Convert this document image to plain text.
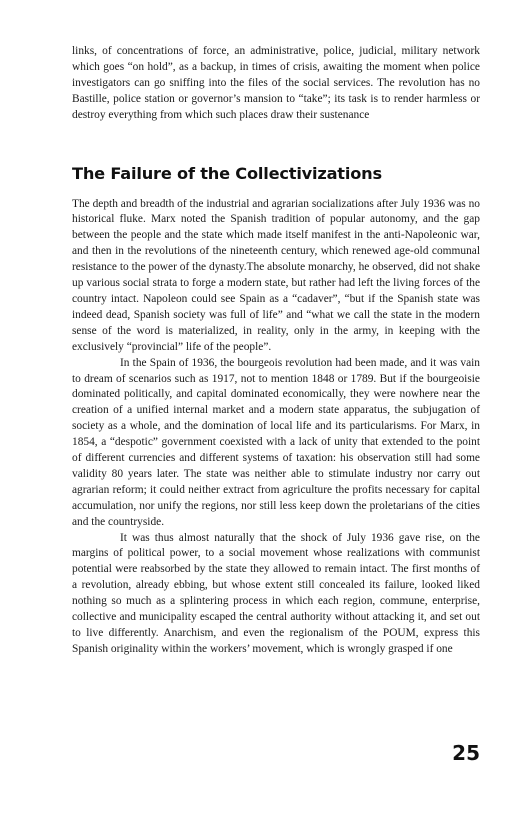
links, of concentrations of force, an administrative, police, judicial, military network which goes “on hold”, as a backup, in times of crisis, awaiting the moment when police investigators can go sniffing into the files of the social services. The revolution has no Bastille, police station or governor’s mansion to “take”; its task is to render harmless or destroy everything from which such places draw their sustenance

The Failure of the Collectivizations

The depth and breadth of the industrial and agrarian socializations after July 1936 was no historical fluke. Marx noted the Spanish tradition of popular autonomy, and the gap between the people and the state which made itself manifest in the anti-Napoleonic war, and then in the revolutions of the nineteenth century, which renewed age-old communal resistance to the power of the dynasty.The absolute monarchy, he observed, did not shake up various social strata to forge a modern state, but rather had left the living forces of the country intact. Napoleon could see Spain as a “cadaver”, “but if the Spanish state was indeed dead, Spanish society was full of life” and “what we call the state in the modern sense of the word is materialized, in reality, only in the army, in keeping with the exclusively “provincial” life of the people”.

In the Spain of 1936, the bourgeois revolution had been made, and it was vain to dream of scenarios such as 1917, not to mention 1848 or 1789. But if the bourgeoisie dominated politically, and capital dominated economically, they were nowhere near the creation of a unified internal market and a modern state apparatus, the subjugation of society as a whole, and the domination of local life and its particularisms. For Marx, in 1854, a “despotic” government coexisted with a lack of unity that extended to the point of different currencies and different systems of taxation: his observation still had some validity 80 years later. The state was neither able to stimulate industry nor carry out agrarian reform; it could neither extract from agriculture the profits necessary for capital accumulation, nor unify the regions, nor still less keep down the proletarians of the cities and the countryside.

It was thus almost naturally that the shock of July 1936 gave rise, on the margins of political power, to a social movement whose realizations with communist potential were reabsorbed by the state they allowed to remain intact. The first months of a revolution, already ebbing, but whose extent still concealed its failure, looked liked nothing so much as a splintering process in which each region, commune, enterprise, collective and municipality escaped the central authority without attacking it, and set out to live differently. Anarchism, and even the regionalism of the POUM, express this Spanish originality within the workers’ movement, which is wrongly grasped if one

25
